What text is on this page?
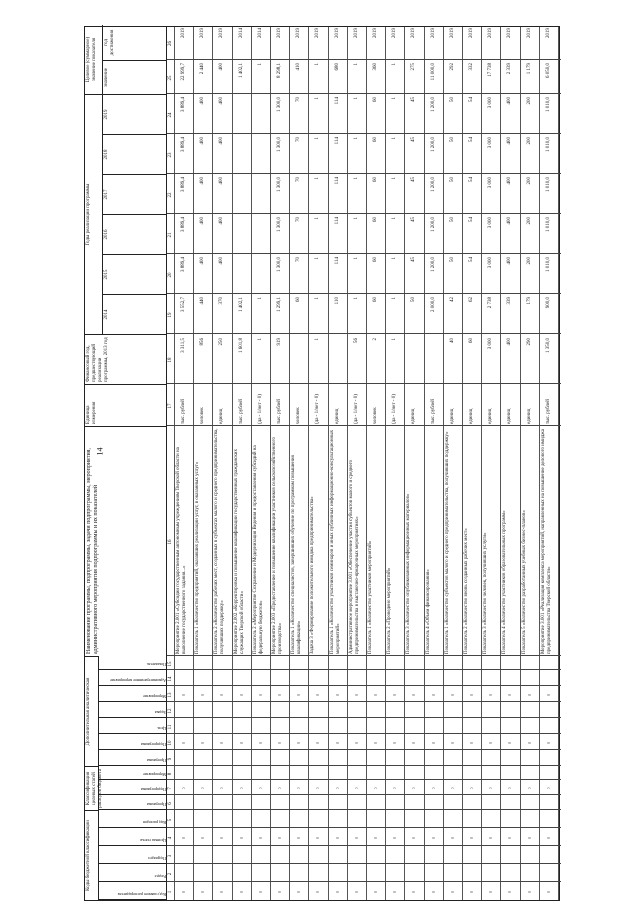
14
Коды бюджетной классификации
Классификация целевых статей расходов бюджета
Дополнительная аналитическая
Наименование программы, подпрограммы, задачи подпрограммы, мероприятия, административного мероприятия подпрограммы и их показателей
Единица измерения
Финансовый год, предшествующий реализации программы, 2013 год
Годы реализации программы
Целевое (суммарное) значение показателя	значение
год достижения
Код главного распорядителя
Раздел
Подраздел
Целевая статья
Вид расходов
Программа
Подпрограмма
Мероприятие
Программа
Подпрограмма
Цель
Задача
Мероприятие
Административное мероприятие
Показатель
2014
2015
2016
2017
2018
2019
1
2
3
4
5
6
7
8
9
10
11
12
13
14
15
16
17
18
19
20
21
22
23
24
25
26
0
0
0
0
0
Мероприятие 2.001 «Субсидии государственным автономным учреждениям Тверской области на выполнение государственного задания...»
тыс. рублей
3 311,5
3 552,7
3 889,4
3 889,4
3 889,4
3 889,4
3 889,4
22 999,7
2019
0
0
0
0
0
Показатель 1 «Количество предприятий, оказавших реализации услуг, в оказанных услуг»
человек
856
440
400
400
400
400
400
2 440
2019
0
0
0
0
0
Показатель 2 «Количество рабочих мест, созданных в субъектах малого и среднего предпринимательства, получивших поддержку»
единиц
250
370
400
400
400
400
400
400
2019
0
0
0
0
0
Мероприятие 2.002 «Корректировка и повышение квалификации государственных гражданских служащих Тверской области»
тыс. рублей
1 601,8
1 402,1
1 402,1
2014
0
0
0
0
0
Показатель 2 «Мероприятие Сохранение и Модернизация Ведения и предоставления субсидий на федеральную бюджетов»
(да - 1/нет - 0)
1
1
1
2014
0
0
0
0
0
Мероприятие 2.003 «Предоставление и повышение квалификации участников сельскохозяйственного производства»
тыс. рублей
919
1 299,1
1 300,0
1 300,0
1 300,0
1 300,0
1 300,0
8 298,1
2019
0
0
0
0
0
Показатель 1 «Количество специалистов, завершивших обучение по программам повышения квалификации»
человек
60
70
70
70
70
70
410
2019
0
0
0
0
0
Задача 3 «Формирование положительного имиджа предпринимательства»
(да - 1/нет - 0)
1
1
1
1
1
1
1
1
2019
0
0
0
0
0
Показатель 1 «Количество участников семинаров и иных публичных информационно-консультационных мероприятий»
единиц
110
114
114
114
114
114
680
2019
0
0
0
0
0
Административное мероприятие 3.001 «Обеспечение участия субъектов малого и среднего предпринимательства в выставочно-ярмарочных мероприятиях»
(да - 1/нет - 0)
56
1
1
1
1
1
1
1
2019
0
0
0
0
0
Показатель 1 «Количество участников мероприятий»
человек
2
60
60
60
60
60
60
360
2019
0
0
0
0
0
Показатель 2 «Проведено мероприятий»
(да - 1/нет - 0)
1
1
1
1
1
1
1
1
2019
0
0
0
0
0
Показатель 3 «Количество опубликованных информационных материалов»
единиц
50
45
45
45
45
45
275
2019
0
0
0
0
0
Показатель 4 «Объем финансирования»
тыс. рублей
2 000,0
1 200,0
1 200,0
1 200,0
1 200,0
1 200,0
11 000,0
2019
0
0
0
0
0
Показатель 1 «Количество субъектов малого и среднего предпринимательства, получивших поддержку»
единиц
40
42
50
50
50
50
50
292
2019
0
0
0
0
0
Показатель 2 «Количество вновь созданных рабочих мест»
единиц
60
62
54
54
54
54
54
332
2019
0
0
0
0
0
Показатель 3 «Количество человек, получивших услуги»
единиц
3 000
2 738
3 000
3 000
3 000
3 000
3 000
17 738
2019
0
0
0
0
0
Показатель 4 «Количество участников образовательных программ»
единиц
400
339
400
400
400
400
400
2 339
2019
0
0
0
0
0
Показатель 5 «Количество разработанных учебных бизнес-планов»
единиц
290
179
200
200
200
200
200
1 179
2019
0
0
0
0
0
Мероприятие 3.001 «Реализация комплекса мероприятий, направленных на повышение делового имиджа предпринимательства Тверской области»
тыс. рублей
1 350,0
900,0
1 010,0
1 010,0
1 010,0
1 010,0
1 010,0
6 050,0
2019
